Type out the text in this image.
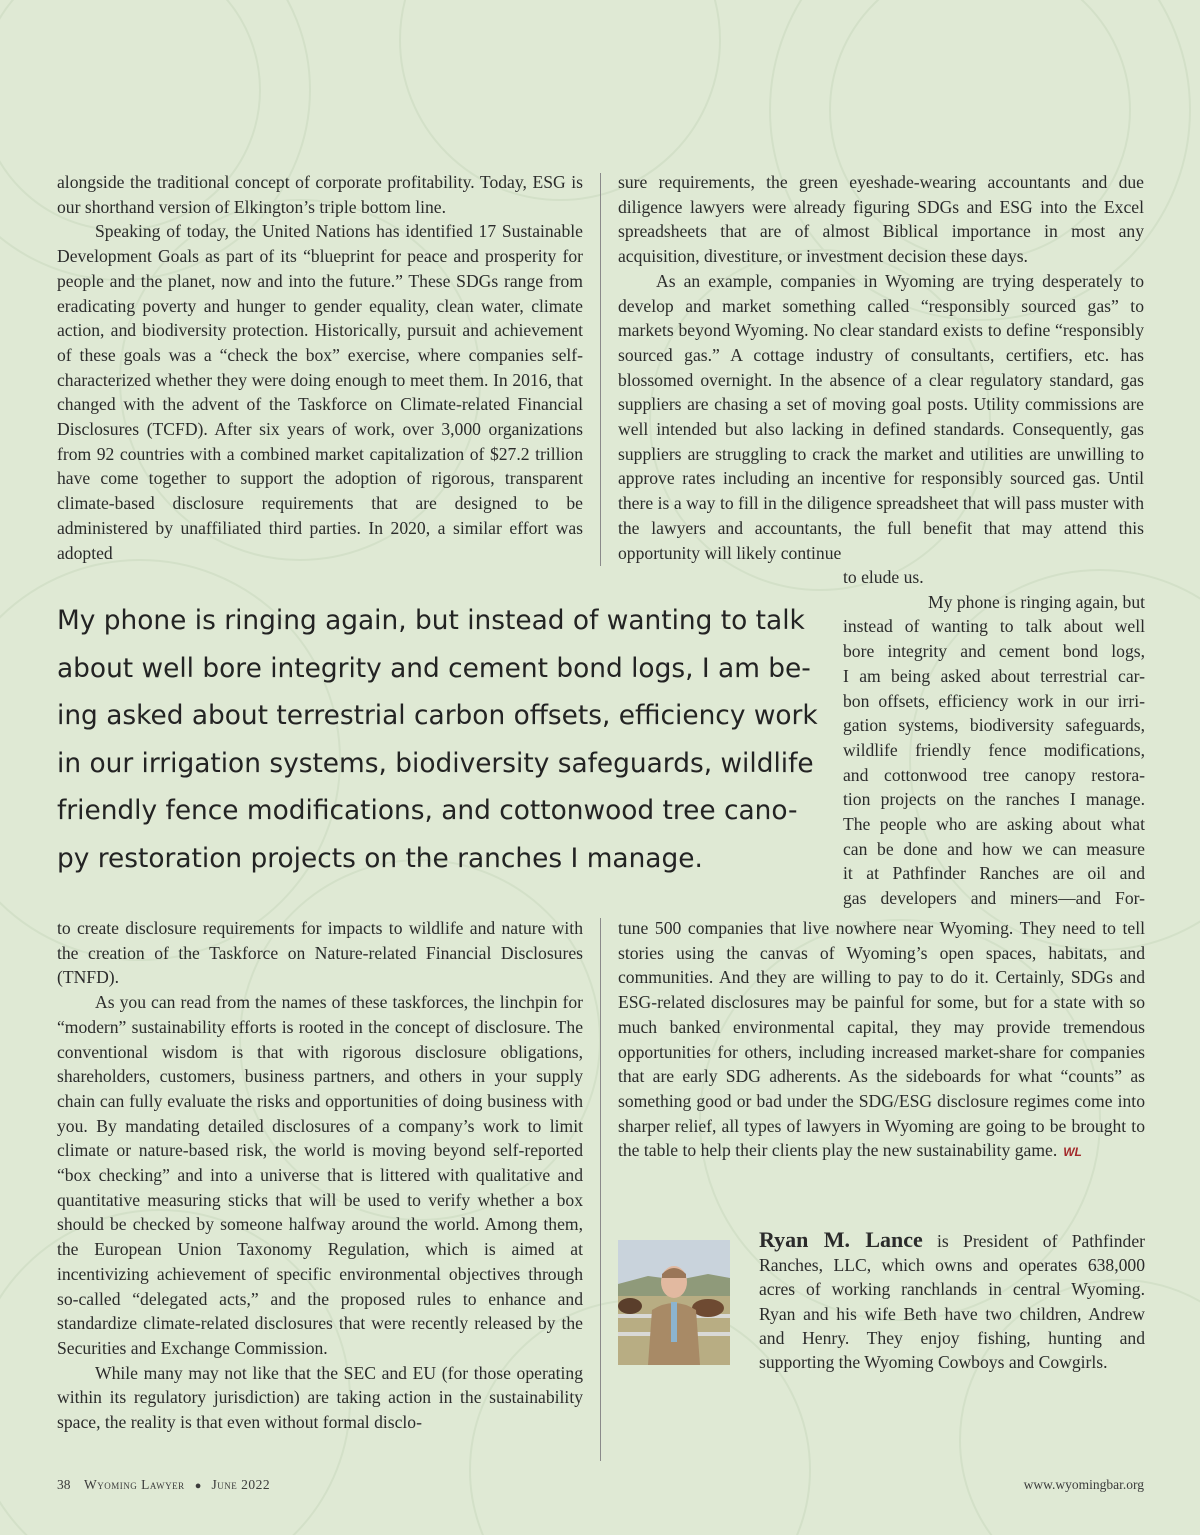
alongside the traditional concept of corporate profitability. Today, ESG is our shorthand version of Elkington’s triple bottom line.

Speaking of today, the United Nations has identified 17 Sustainable Development Goals as part of its “blueprint for peace and prosperity for people and the planet, now and into the future.” These SDGs range from eradicating poverty and hunger to gender equality, clean water, climate action, and biodiversity protection. Historically, pursuit and achievement of these goals was a “check the box” exercise, where companies self-characterized whether they were doing enough to meet them. In 2016, that changed with the advent of the Taskforce on Climate-related Financial Disclosures (TCFD). After six years of work, over 3,000 organizations from 92 countries with a combined market capitalization of $27.2 trillion have come together to support the adoption of rigorous, transparent climate-based disclosure requirements that are designed to be administered by unaffiliated third parties. In 2020, a similar effort was adopted

sure requirements, the green eyeshade-wearing accountants and due diligence lawyers were already figuring SDGs and ESG into the Excel spreadsheets that are of almost Biblical importance in most any acquisition, divestiture, or investment decision these days.

As an example, companies in Wyoming are trying desperately to develop and market something called “responsibly sourced gas” to markets beyond Wyoming. No clear standard exists to define “responsibly sourced gas.” A cottage industry of consultants, certifiers, etc. has blossomed overnight. In the absence of a clear regulatory standard, gas suppliers are chasing a set of moving goal posts. Utility commissions are well intended but also lacking in defined standards. Consequently, gas suppliers are struggling to crack the market and utilities are unwilling to approve rates including an incentive for responsibly sourced gas. Until there is a way to fill in the diligence spreadsheet that will pass muster with the lawyers and accountants, the full benefit that may attend this opportunity will likely continue

to elude us.
My phone is ringing again, but
instead of wanting to talk about well
bore integrity and cement bond logs,
I am being asked about terrestrial car-
bon offsets, efficiency work in our irri-
gation systems, biodiversity safeguards,
wildlife friendly fence modifications,
and cottonwood tree canopy restora-
tion projects on the ranches I manage.
The people who are asking about what
can be done and how we can measure
it at Pathfinder Ranches are oil and
gas developers and miners—and For-
My phone is ringing again, but instead of wanting to talk
about well bore integrity and cement bond logs, I am be-
ing asked about terrestrial carbon offsets, efficiency work
in our irrigation systems, biodiversity safeguards, wildlife
friendly fence modifications, and cottonwood tree cano-
py restoration projects on the ranches I manage.

to create disclosure requirements for impacts to wildlife and nature with the creation of the Taskforce on Nature-related Financial Disclosures (TNFD).

As you can read from the names of these taskforces, the linchpin for “modern” sustainability efforts is rooted in the concept of disclosure. The conventional wisdom is that with rigorous disclosure obligations, shareholders, customers, business partners, and others in your supply chain can fully evaluate the risks and opportunities of doing business with you. By mandating detailed disclosures of a company’s work to limit climate or nature-based risk, the world is moving beyond self-reported “box checking” and into a universe that is littered with qualitative and quantitative measuring sticks that will be used to verify whether a box should be checked by someone halfway around the world. Among them, the European Union Taxonomy Regulation, which is aimed at incentivizing achievement of specific environmental objectives through so-called “delegated acts,” and the proposed rules to enhance and standardize climate-related disclosures that were recently released by the Securities and Exchange Commission.

While many may not like that the SEC and EU (for those operating within its regulatory jurisdiction) are taking action in the sustainability space, the reality is that even without formal disclo-

tune 500 companies that live nowhere near Wyoming. They need to tell stories using the canvas of Wyoming’s open spaces, habitats, and communities. And they are willing to pay to do it. Certainly, SDGs and ESG-related disclosures may be painful for some, but for a state with so much banked environmental capital, they may provide tremendous opportunities for others, including increased market-share for companies that are early SDG adherents. As the sideboards for what “counts” as something good or bad under the SDG/ESG disclosure regimes come into sharper relief, all types of lawyers in Wyoming are going to be brought to the table to help their clients play the new sustainability game. WL

Ryan M. Lance is President of Pathfinder Ranches, LLC, which owns and operates 638,000 acres of working ranchlands in central Wyoming. Ryan and his wife Beth have two children, Andrew and Henry. They enjoy fishing, hunting and supporting the Wyoming Cowboys and Cowgirls.

38 Wyoming Lawyer ● June 2022	www.wyomingbar.org
